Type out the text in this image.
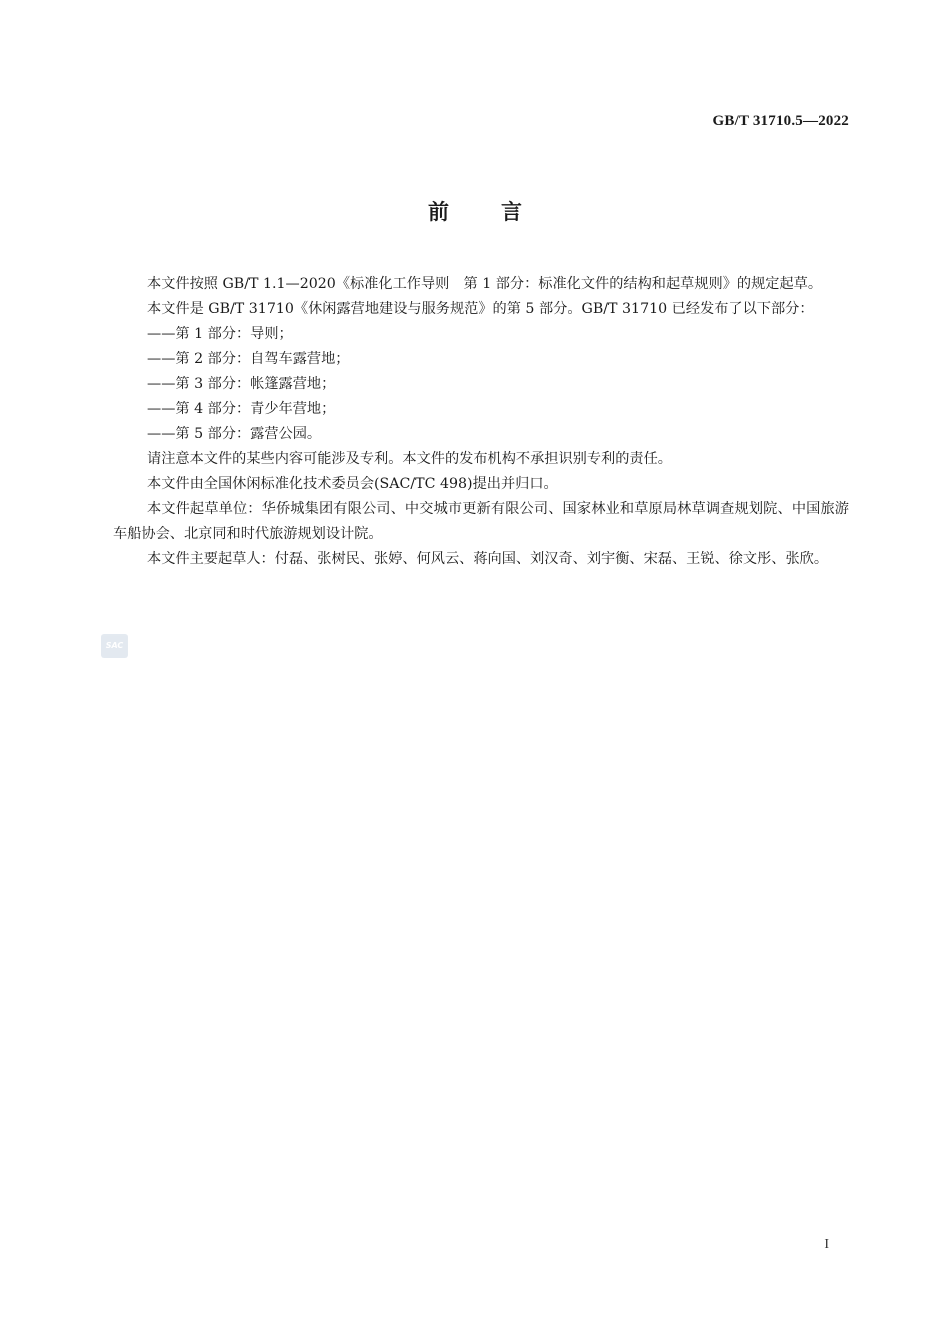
GB/T 31710.5—2022
前言

本文件按照 GB/T 1.1—2020《标准化工作导则　第 1 部分：标准化文件的结构和起草规则》的规定起草。

本文件是 GB/T 31710《休闲露营地建设与服务规范》的第 5 部分。GB/T 31710 已经发布了以下部分：

——第 1 部分：导则；

——第 2 部分：自驾车露营地；

——第 3 部分：帐篷露营地；

——第 4 部分：青少年营地；

——第 5 部分：露营公园。

请注意本文件的某些内容可能涉及专利。本文件的发布机构不承担识别专利的责任。

本文件由全国休闲标准化技术委员会(SAC/TC 498)提出并归口。

本文件起草单位：华侨城集团有限公司、中交城市更新有限公司、国家林业和草原局林草调查规划院、中国旅游车船协会、北京同和时代旅游规划设计院。

本文件主要起草人：付磊、张树民、张婷、何风云、蒋向国、刘汉奇、刘宇衡、宋磊、王锐、徐文彤、张欣。

SAC
I
